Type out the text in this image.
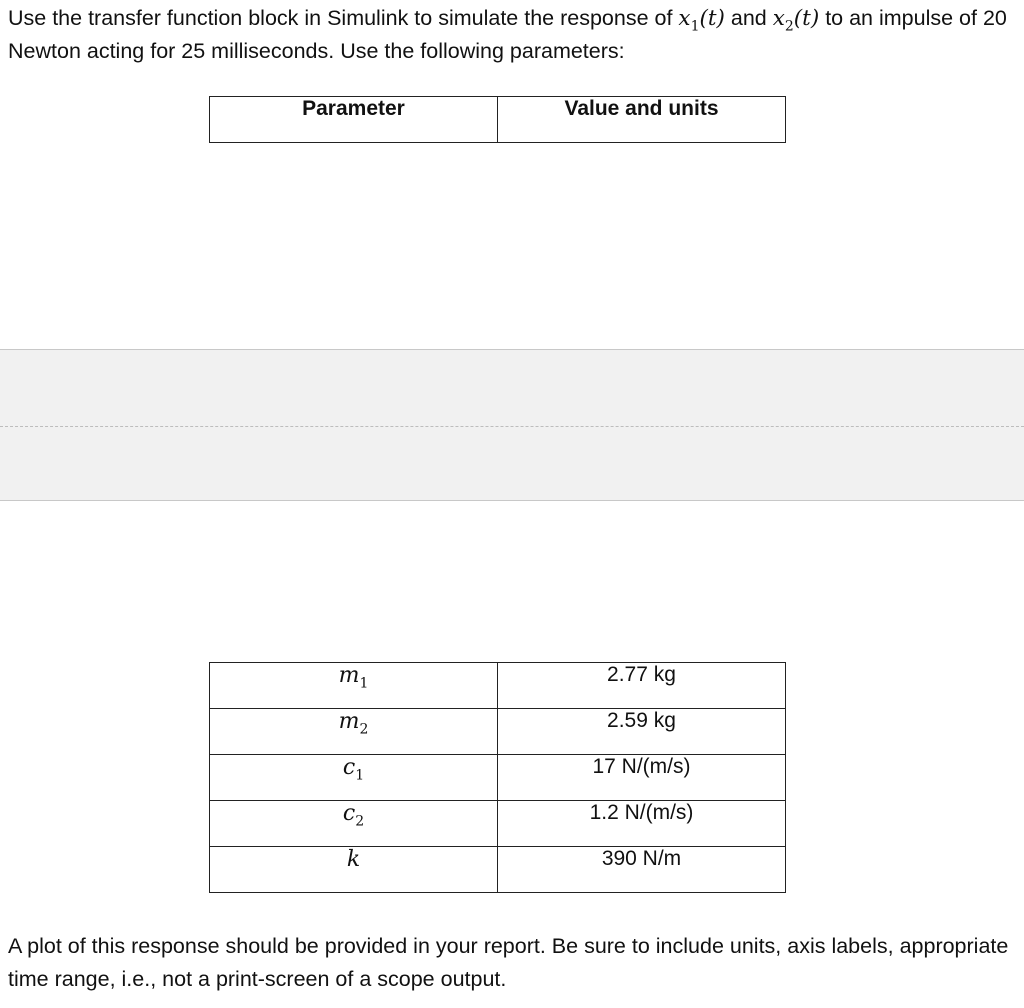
Use the transfer function block in Simulink to simulate the response of $x_1(t)$ and $x_2(t)$ to an impulse of 20 Newton acting for 25 milliseconds. Use the following parameters:

Parameter	Value and units
$m_1$	2.77 kg
$m_2$	2.59 kg
$c_1$	17 N/(m/s)
$c_2$	1.2 N/(m/s)
k	390 N/m

A plot of this response should be provided in your report. Be sure to include units, axis labels, appropriate time range, i.e., not a print-screen of a scope output.
